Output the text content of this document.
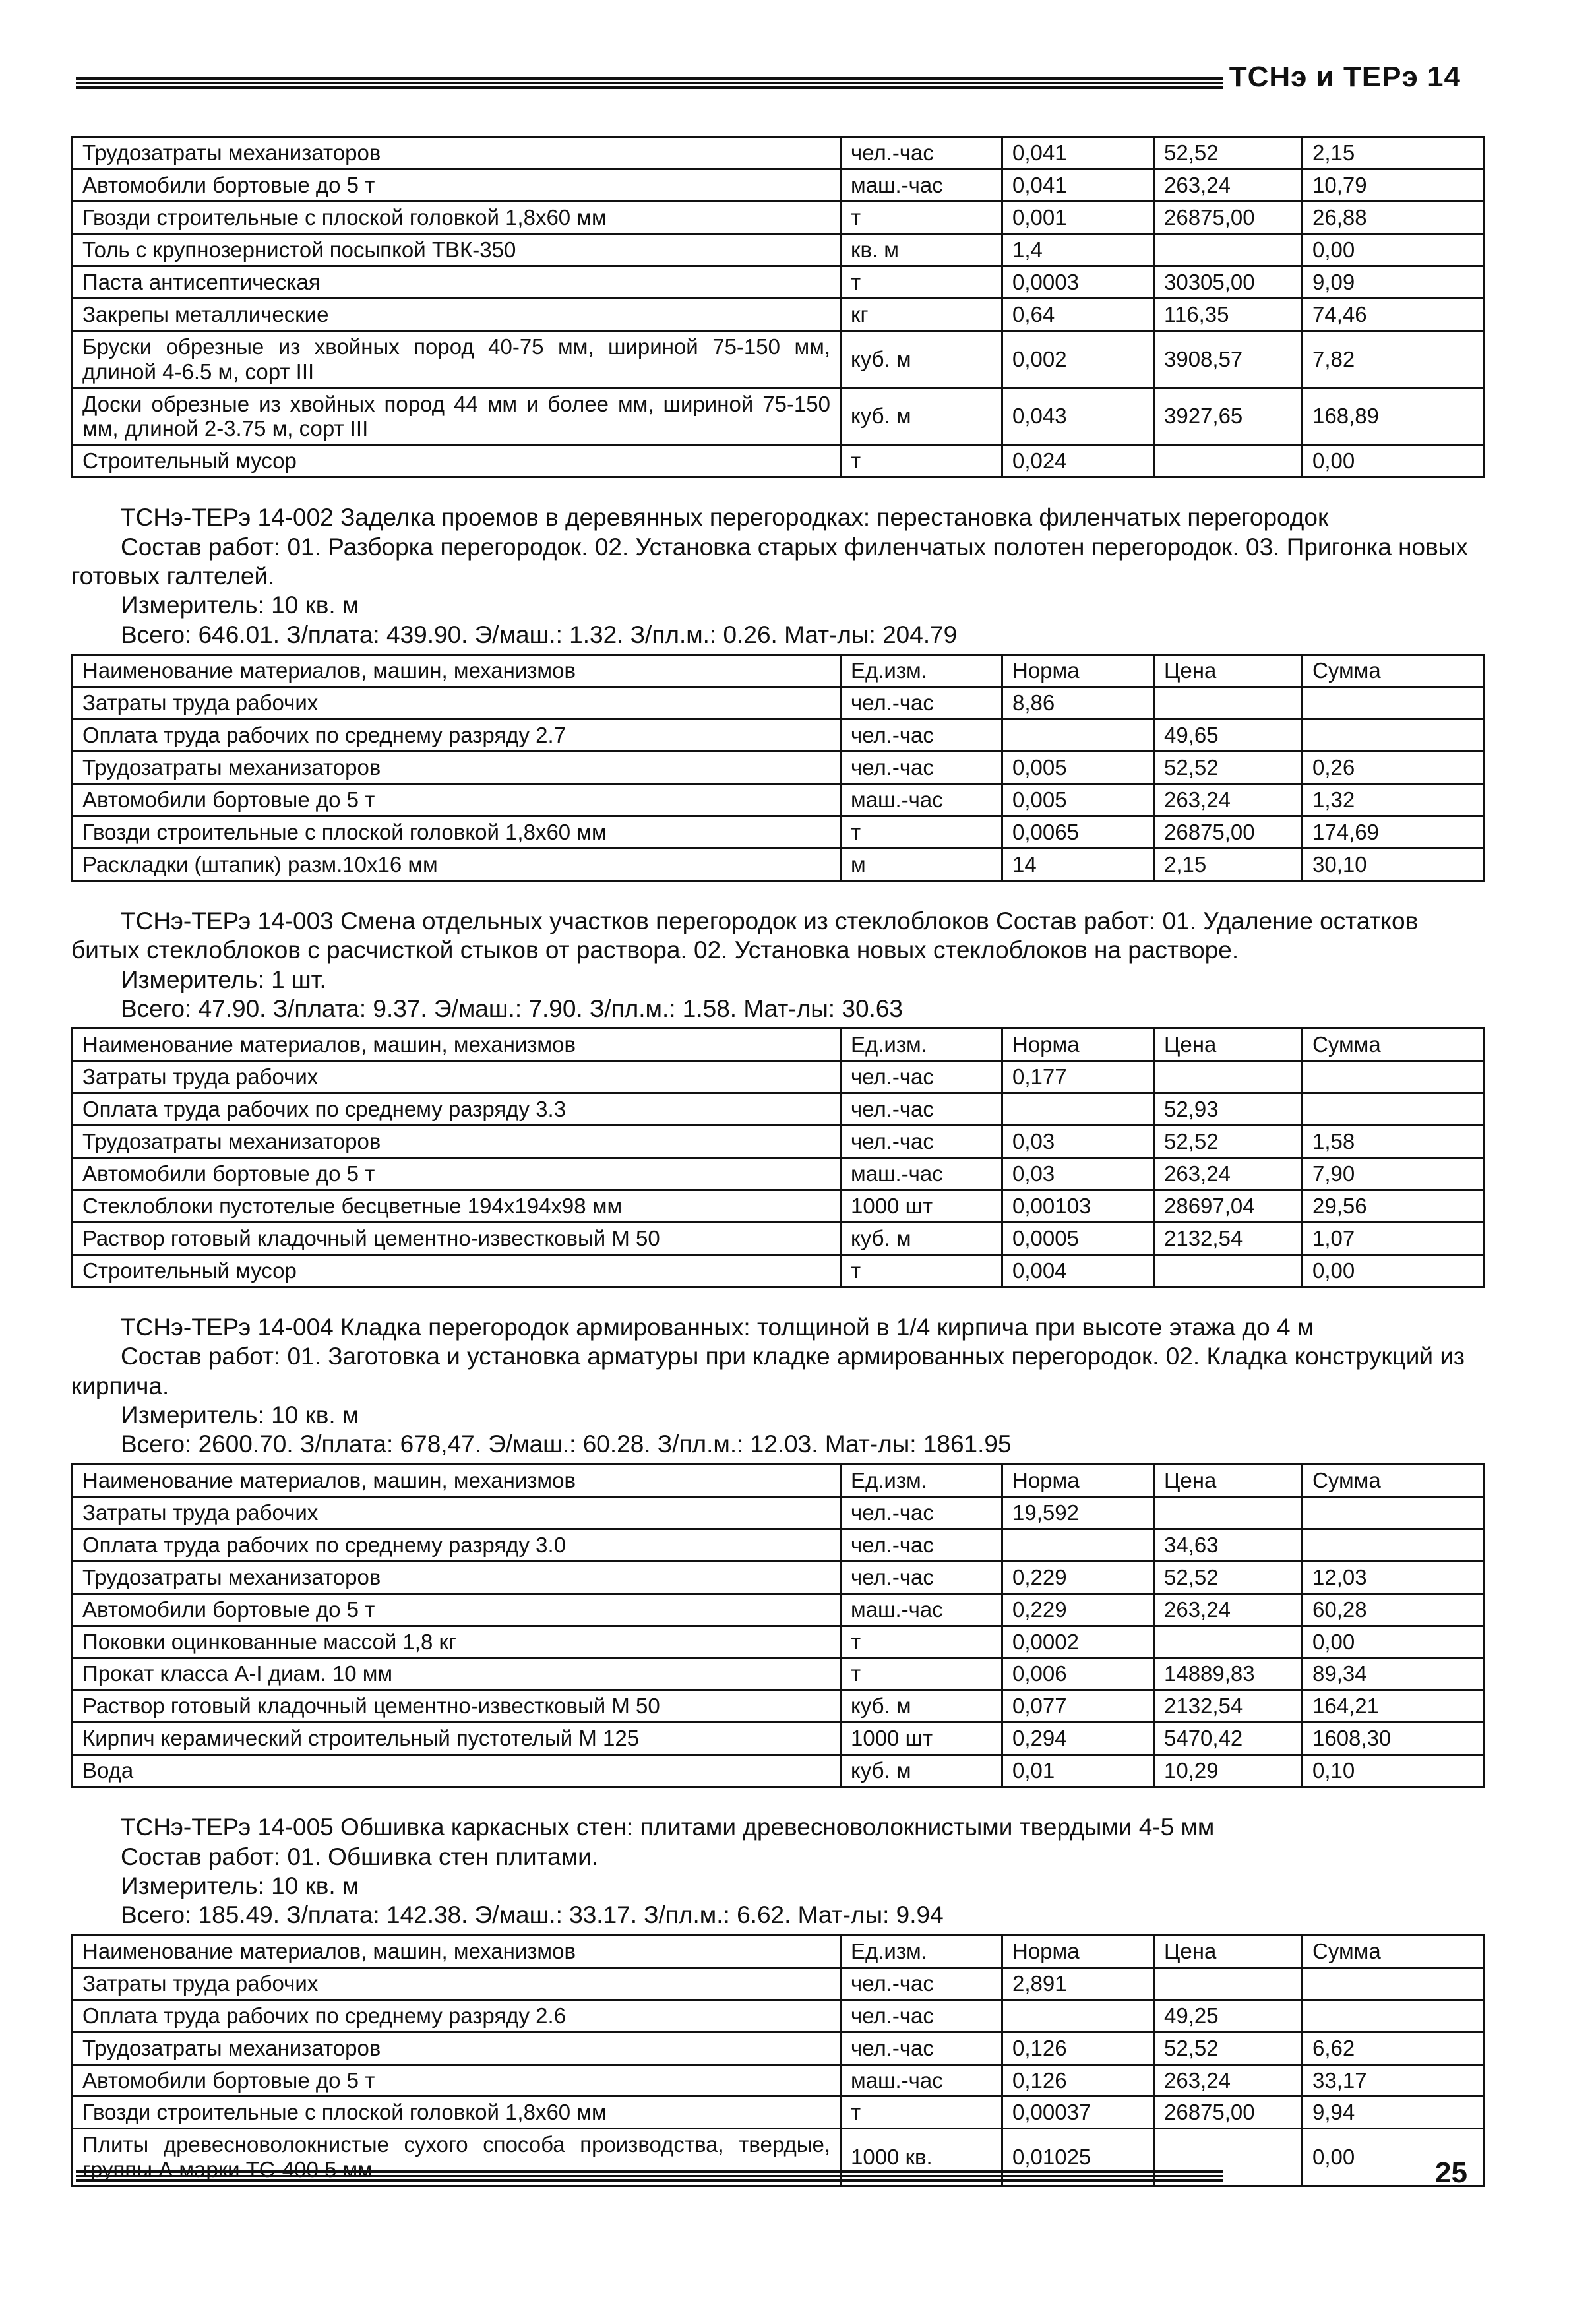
ТСНэ и ТЕРэ 14
Трудозатраты механизаторов	чел.-час	0,041	52,52	2,15
Автомобили бортовые до 5 т	маш.-час	0,041	263,24	10,79
Гвозди строительные с плоской головкой 1,8х60 мм	т	0,001	26875,00	26,88
Толь с крупнозернистой посыпкой ТВК-350	кв. м	1,4		0,00
Паста антисептическая	т	0,0003	30305,00	9,09
Закрепы металлические	кг	0,64	116,35	74,46
Бруски обрезные из хвойных пород 40-75 мм, шириной 75-150 мм, длиной 4-6.5 м, сорт III	куб. м	0,002	3908,57	7,82
Доски обрезные из хвойных пород 44 мм и более мм, шириной 75-150 мм, длиной 2-3.75 м, сорт III	куб. м	0,043	3927,65	168,89
Строительный мусор	т	0,024		0,00
ТСНэ-ТЕРэ 14-002 Заделка проемов в деревянных перегородках: перестановка филенчатых перегородок
Состав работ: 01. Разборка перегородок. 02. Установка старых филенчатых полотен перегородок. 03. Пригонка новых готовых галтелей.
Измеритель: 10 кв. м
Всего: 646.01. З/плата: 439.90. Э/маш.: 1.32. З/пл.м.: 0.26. Мат-лы: 204.79
Наименование материалов, машин, механизмов	Ед.изм.	Норма	Цена	Сумма
Затраты труда рабочих	чел.-час	8,86		
Оплата труда рабочих по среднему разряду 2.7	чел.-час		49,65	
Трудозатраты механизаторов	чел.-час	0,005	52,52	0,26
Автомобили бортовые до 5 т	маш.-час	0,005	263,24	1,32
Гвозди строительные с плоской головкой 1,8х60 мм	т	0,0065	26875,00	174,69
Раскладки (штапик) разм.10х16 мм	м	14	2,15	30,10
ТСНэ-ТЕРэ 14-003 Смена отдельных участков перегородок из стеклоблоков Состав работ: 01. Удаление остатков битых стеклоблоков с расчисткой стыков от раствора. 02. Установка новых стеклоблоков на растворе.
Измеритель: 1 шт.
Всего: 47.90. З/плата: 9.37. Э/маш.: 7.90. З/пл.м.: 1.58. Мат-лы: 30.63
Наименование материалов, машин, механизмов	Ед.изм.	Норма	Цена	Сумма
Затраты труда рабочих	чел.-час	0,177		
Оплата труда рабочих по среднему разряду 3.3	чел.-час		52,93	
Трудозатраты механизаторов	чел.-час	0,03	52,52	1,58
Автомобили бортовые до 5 т	маш.-час	0,03	263,24	7,90
Стеклоблоки пустотелые бесцветные 194х194х98 мм	1000 шт	0,00103	28697,04	29,56
Раствор готовый кладочный цементно-известковый М 50	куб. м	0,0005	2132,54	1,07
Строительный мусор	т	0,004		0,00
ТСНэ-ТЕРэ 14-004 Кладка перегородок армированных: толщиной в 1/4 кирпича при высоте этажа до 4 м
Состав работ: 01. Заготовка и установка арматуры при кладке армированных перегородок. 02. Кладка конструкций из кирпича.
Измеритель: 10 кв. м
Всего: 2600.70. З/плата: 678,47. Э/маш.: 60.28. З/пл.м.: 12.03. Мат-лы: 1861.95
Наименование материалов, машин, механизмов	Ед.изм.	Норма	Цена	Сумма
Затраты труда рабочих	чел.-час	19,592		
Оплата труда рабочих по среднему разряду 3.0	чел.-час		34,63	
Трудозатраты механизаторов	чел.-час	0,229	52,52	12,03
Автомобили бортовые до 5 т	маш.-час	0,229	263,24	60,28
Поковки оцинкованные массой 1,8 кг	т	0,0002		0,00
Прокат класса А-I диам. 10 мм	т	0,006	14889,83	89,34
Раствор готовый кладочный цементно-известковый М 50	куб. м	0,077	2132,54	164,21
Кирпич керамический строительный пустотелый М 125	1000 шт	0,294	5470,42	1608,30
Вода	куб. м	0,01	10,29	0,10
ТСНэ-ТЕРэ 14-005 Обшивка каркасных стен: плитами древесноволокнистыми твердыми 4-5 мм
Состав работ: 01. Обшивка стен плитами.
Измеритель: 10 кв. м
Всего: 185.49. З/плата: 142.38. Э/маш.: 33.17. З/пл.м.: 6.62. Мат-лы: 9.94
Наименование материалов, машин, механизмов	Ед.изм.	Норма	Цена	Сумма
Затраты труда рабочих	чел.-час	2,891		
Оплата труда рабочих по среднему разряду 2.6	чел.-час		49,25	
Трудозатраты механизаторов	чел.-час	0,126	52,52	6,62
Автомобили бортовые до 5 т	маш.-час	0,126	263,24	33,17
Гвозди строительные с плоской головкой 1,8х60 мм	т	0,00037	26875,00	9,94
Плиты древесноволокнистые сухого способа производства, твердые,	1000 кв.	0,01025		0,00	25
